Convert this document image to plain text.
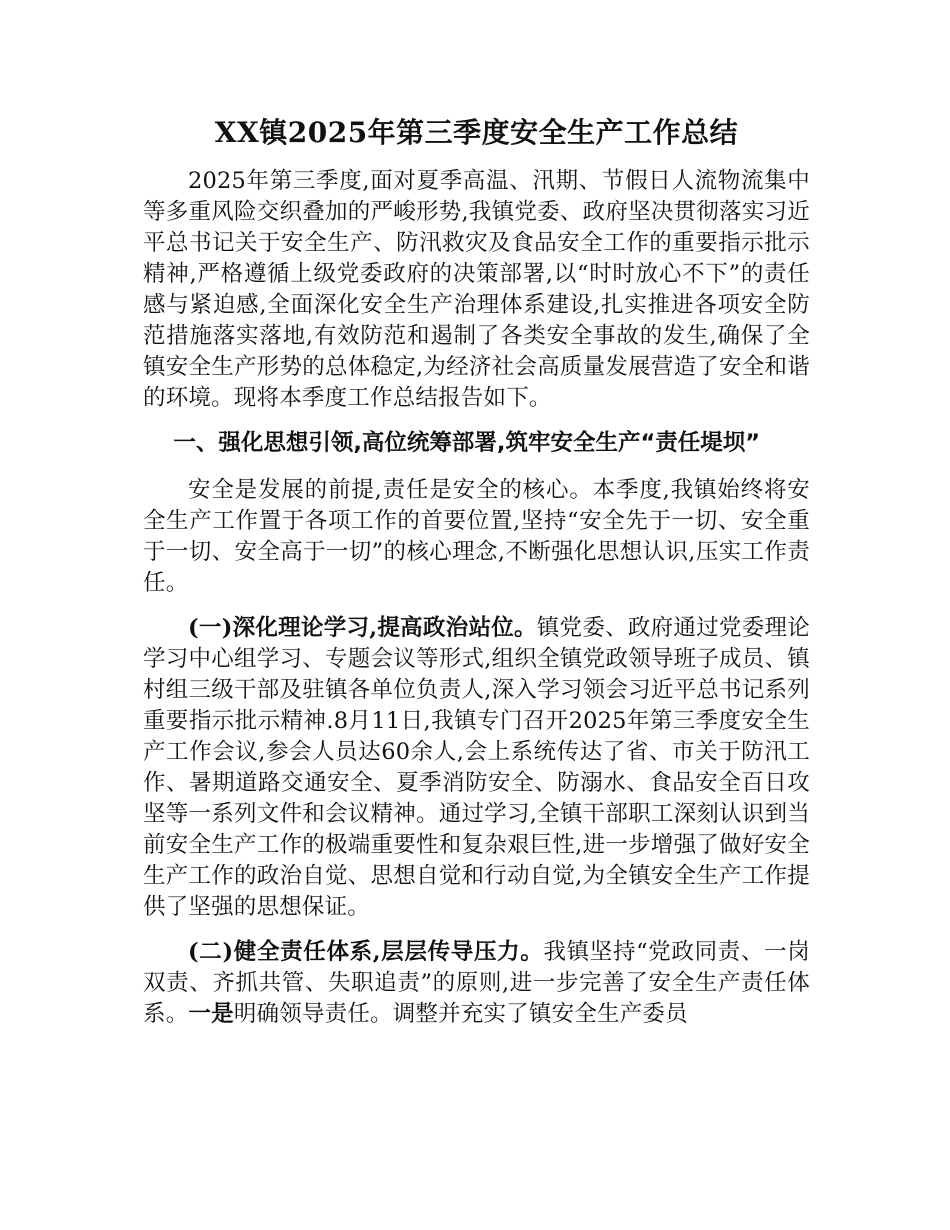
XX镇2025年第三季度安全生产工作总结

2025年第三季度,面对夏季高温、汛期、节假日人流物流集中等多重风险交织叠加的严峻形势,我镇党委、政府坚决贯彻落实习近平总书记关于安全生产、防汛救灾及食品安全工作的重要指示批示精神,严格遵循上级党委政府的决策部署,以“时时放心不下”的责任感与紧迫感,全面深化安全生产治理体系建设,扎实推进各项安全防范措施落实落地,有效防范和遏制了各类安全事故的发生,确保了全镇安全生产形势的总体稳定,为经济社会高质量发展营造了安全和谐的环境。现将本季度工作总结报告如下。

一、强化思想引领,高位统筹部署,筑牢安全生产“责任堤坝”

安全是发展的前提,责任是安全的核心。本季度,我镇始终将安全生产工作置于各项工作的首要位置,坚持“安全先于一切、安全重于一切、安全高于一切”的核心理念,不断强化思想认识,压实工作责任。

(一)深化理论学习,提高政治站位。镇党委、政府通过党委理论学习中心组学习、专题会议等形式,组织全镇党政领导班子成员、镇村组三级干部及驻镇各单位负责人,深入学习领会习近平总书记系列重要指示批示精神.8月11日,我镇专门召开2025年第三季度安全生产工作会议,参会人员达60余人,会上系统传达了省、市关于防汛工作、暑期道路交通安全、夏季消防安全、防溺水、食品安全百日攻坚等一系列文件和会议精神。通过学习,全镇干部职工深刻认识到当前安全生产工作的极端重要性和复杂艰巨性,进一步增强了做好安全生产工作的政治自觉、思想自觉和行动自觉,为全镇安全生产工作提供了坚强的思想保证。

(二)健全责任体系,层层传导压力。我镇坚持“党政同责、一岗双责、齐抓共管、失职追责”的原则,进一步完善了安全生产责任体系。一是明确领导责任。调整并充实了镇安全生产委员
